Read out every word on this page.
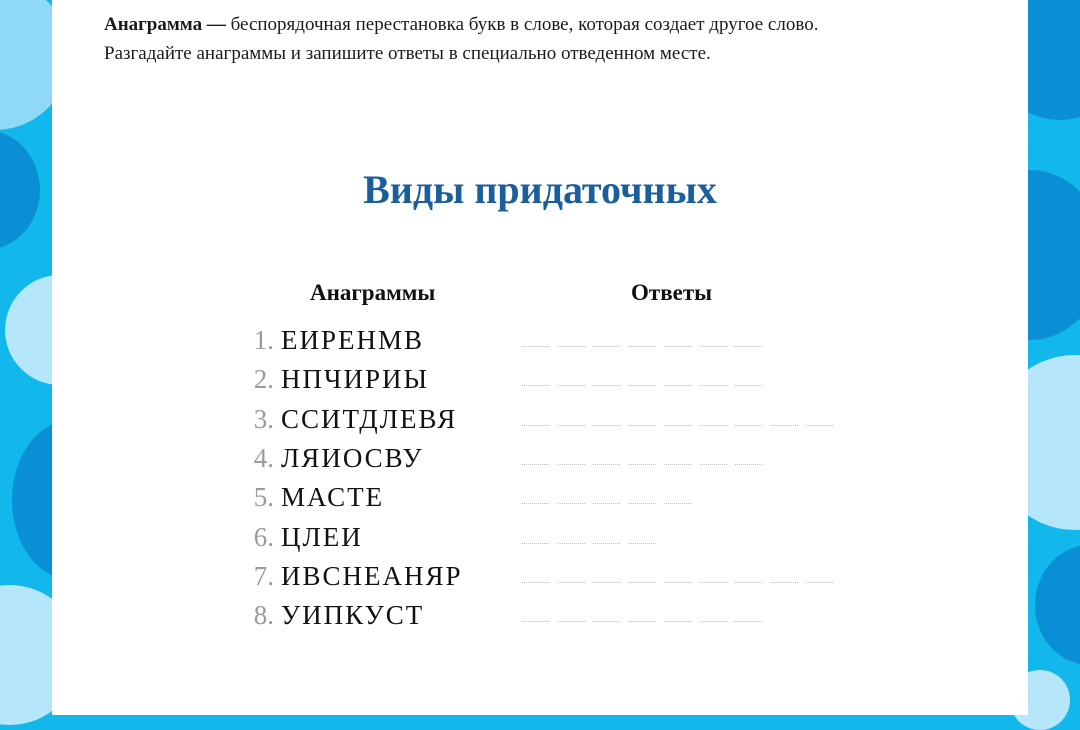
Анаграмма — беспорядочная перестановка букв в слове, которая создает другое слово.
Разгадайте анаграммы и запишите ответы в специально отведенном месте.
Виды придаточных
Анаграммы	Ответы
1. ЕИРЕНМВ
2. НПЧИРИЫ
3. ССИТДЛЕВЯ
4. ЛЯИОСВУ
5. МАСТЕ
6. ЦЛЕИ
7. ИВСНЕАНЯР
8. УИПКУСТ
